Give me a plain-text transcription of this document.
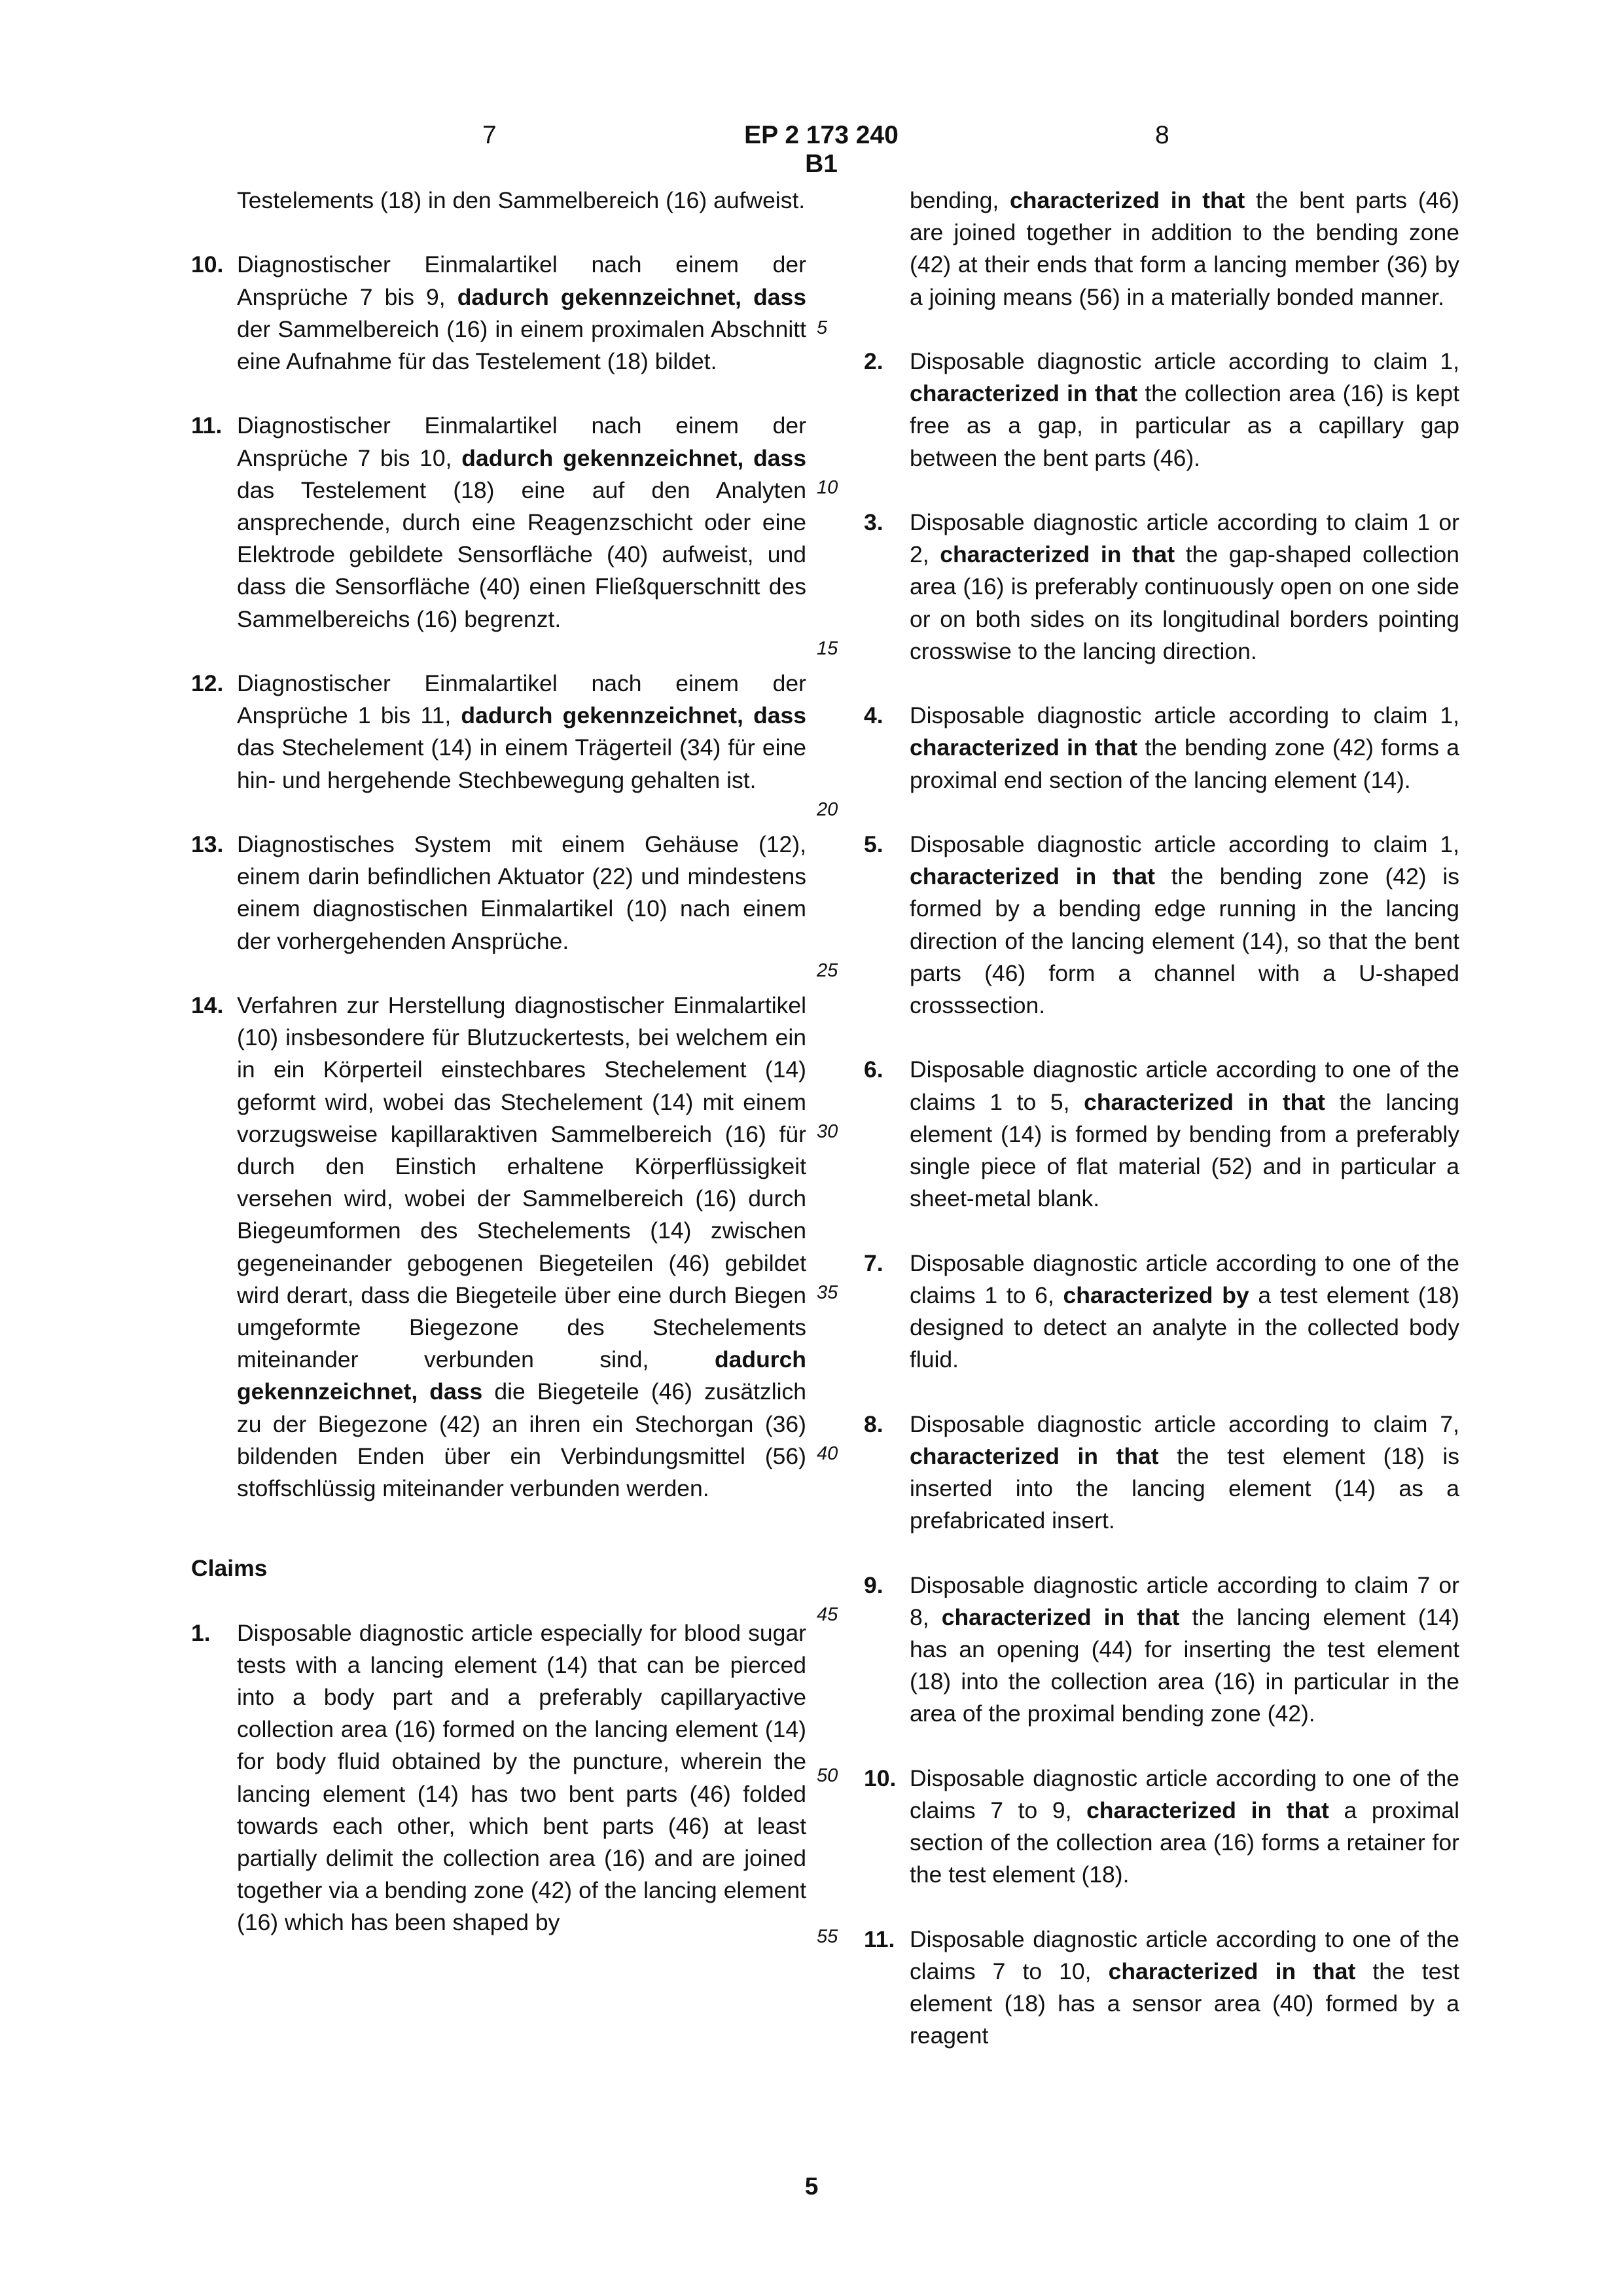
7	EP 2 173 240 B1
8
Testelements (18) in den Sammelbereich (16) aufweist.
10. Diagnostischer Einmalartikel nach einem der Ansprüche 7 bis 9, dadurch gekennzeichnet, dass der Sammelbereich (16) in einem proximalen Abschnitt eine Aufnahme für das Testelement (18) bildet.
11. Diagnostischer Einmalartikel nach einem der Ansprüche 7 bis 10, dadurch gekennzeichnet, dass das Testelement (18) eine auf den Analyten ansprechende, durch eine Reagenzschicht oder eine Elektrode gebildete Sensorfläche (40) aufweist, und dass die Sensorfläche (40) einen Fließquerschnitt des Sammelbereichs (16) begrenzt.
12. Diagnostischer Einmalartikel nach einem der Ansprüche 1 bis 11, dadurch gekennzeichnet, dass das Stechelement (14) in einem Trägerteil (34) für eine hin- und hergehende Stechbewegung gehalten ist.
13. Diagnostisches System mit einem Gehäuse (12), einem darin befindlichen Aktuator (22) und mindestens einem diagnostischen Einmalartikel (10) nach einem der vorhergehenden Ansprüche.
14. Verfahren zur Herstellung diagnostischer Einmalartikel (10) insbesondere für Blutzuckertests, bei welchem ein in ein Körperteil einstechbares Stechelement (14) geformt wird, wobei das Stechelement (14) mit einem vorzugsweise kapillaraktiven Sammelbereich (16) für durch den Einstich erhaltene Körperflüssigkeit versehen wird, wobei der Sammelbereich (16) durch Biegeumformen des Stechelements (14) zwischen gegeneinander gebogenen Biegeteilen (46) gebildet wird derart, dass die Biegeteile über eine durch Biegen umgeformte Biegezone des Stechelements miteinander verbunden sind, dadurch gekennzeichnet, dass die Biegeteile (46) zusätzlich zu der Biegezone (42) an ihren ein Stechorgan (36) bildenden Enden über ein Verbindungsmittel (56) stoffschlüssig miteinander verbunden werden.
Claims
1.	Disposable diagnostic article especially for blood sugar tests with a lancing element (14) that can be pierced into a body part and a preferably capillaryactive collection area (16) formed on the lancing element (14) for body fluid obtained by the puncture, wherein the lancing element (14) has two bent parts (46) folded towards each other, which bent parts (46) at least partially delimit the collection area (16) and are joined together via a bending zone (42) of the lancing element (16) which has been shaped by
5
10
15
20
25
30
35
40
45
50
55
bending, characterized in that the bent parts (46) are joined together in addition to the bending zone (42) at their ends that form a lancing member (36) by a joining means (56) in a materially bonded manner.
2.	Disposable diagnostic article according to claim 1, characterized in that the collection area (16) is kept free as a gap, in particular as a capillary gap between the bent parts (46).
3.	Disposable diagnostic article according to claim 1 or 2, characterized in that the gap-shaped collection area (16) is preferably continuously open on one side or on both sides on its longitudinal borders pointing crosswise to the lancing direction.
4.	Disposable diagnostic article according to claim 1, characterized in that the bending zone (42) forms a proximal end section of the lancing element (14).
5.	Disposable diagnostic article according to claim 1, characterized in that the bending zone (42) is formed by a bending edge running in the lancing direction of the lancing element (14), so that the bent parts (46) form a channel with a U-shaped crosssection.
6.	Disposable diagnostic article according to one of the claims 1 to 5, characterized in that the lancing element (14) is formed by bending from a preferably single piece of flat material (52) and in particular a sheet-metal blank.
7.	Disposable diagnostic article according to one of the claims 1 to 6, characterized by a test element (18) designed to detect an analyte in the collected body fluid.
8.	Disposable diagnostic article according to claim 7, characterized in that the test element (18) is inserted into the lancing element (14) as a prefabricated insert.
9.	Disposable diagnostic article according to claim 7 or 8, characterized in that the lancing element (14) has an opening (44) for inserting the test element (18) into the collection area (16) in particular in the area of the proximal bending zone (42).
10. Disposable diagnostic article according to one of the claims 7 to 9, characterized in that a proximal section of the collection area (16) forms a retainer for the test element (18).
11. Disposable diagnostic article according to one of the claims 7 to 10, characterized in that the test element (18) has a sensor area (40) formed by a reagent
5
